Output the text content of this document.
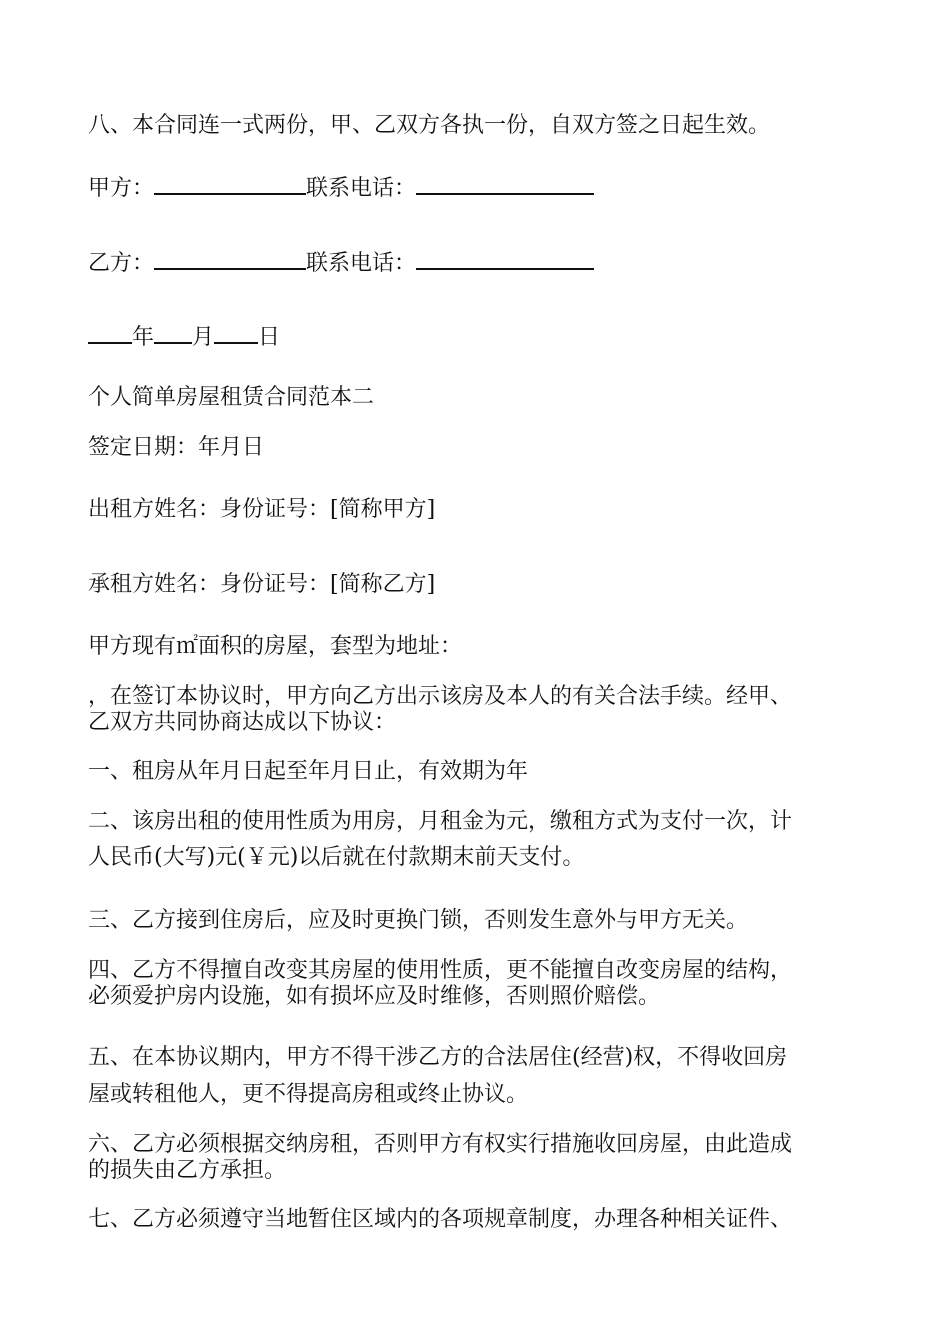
八、本合同连一式两份，甲、乙双方各执一份，自双方签之日起生效。
甲方：	联系电话：
乙方：	联系电话：
年 月 日
个人简单房屋租赁合同范本二
签定日期：年月日
出租方姓名：身份证号：[简称甲方]
承租方姓名：身份证号：[简称乙方]
甲方现有㎡面积的房屋，套型为地址：
，在签订本协议时，甲方向乙方出示该房及本人的有关合法手续。经甲、
乙双方共同协商达成以下协议：
一、租房从年月日起至年月日止，有效期为年
二、该房出租的使用性质为用房，月租金为元，缴租方式为支付一次，计
人民币(大写)元(￥元)以后就在付款期末前天支付。
三、乙方接到住房后，应及时更换门锁，否则发生意外与甲方无关。
四、乙方不得擅自改变其房屋的使用性质，更不能擅自改变房屋的结构，
必须爱护房内设施，如有损坏应及时维修，否则照价赔偿。
五、在本协议期内，甲方不得干涉乙方的合法居住(经营)权，不得收回房
屋或转租他人，更不得提高房租或终止协议。
六、乙方必须根据交纳房租，否则甲方有权实行措施收回房屋，由此造成
的损失由乙方承担。
七、乙方必须遵守当地暂住区域内的各项规章制度，办理各种相关证件、
